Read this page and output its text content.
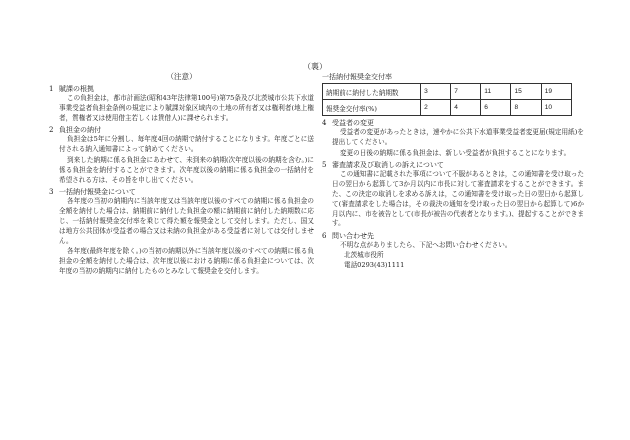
（裏）
（注意）
1 賦課の根拠
この負担金は，都市計画法(昭和43年法律第100号)第75条及び北茨城市公共下水道事業受益者負担金条例の規定により賦課対象区域内の土地の所有者又は権利者(地上権者，質権者又は使用借主若しくは賃借人)に課せられます。
2 負担金の納付
負担金は5年に分割し、毎年度4回の納期で納付することになります。年度ごとに送付される納入通知書によって納めてください。
到来した納期に係る負担金にあわせて、未到来の納期(次年度以後の納期を含む。)に係る負担金を納付することができます。次年度以後の納期に係る負担金の一括納付を希望される方は、その旨を申し出てください。
3 一括納付報奨金について
各年度の当初の納期内に当該年度又は当該年度以後のすべての納期に係る負担金の全額を納付した場合は、納期前に納付した負担金の額に納期前に納付した納期数に応じ、一括納付報奨金交付率を乗じて得た額を報奨金として交付します。ただし、国又は地方公共団体が受益者の場合又は未納の負担金がある受益者に対しては交付しません。
各年度(最終年度を除く。)の当初の納期以外に当該年度以後のすべての納期に係る負担金の全額を納付した場合は、次年度以後における納期に係る負担金については、次年度の当初の納期内に納付したものとみなして報奨金を交付します。
一括納付報奨金交付率
納期前に納付した納期数	3	7	11	15	19
報奨金交付率(%)	2	4	6	8	10
4 受益者の変更
受益者の変更があったときは，速やかに公共下水道事業受益者変更届(規定用紙)を提出してください。
変更の日後の納期に係る負担金は、新しい受益者が負担することになります。
5 審査請求及び取消しの訴えについて
この通知書に記載された事項について不服があるときは，この通知書を受け取った日の翌日から起算して3か月以内に市長に対して審査請求をすることができます。また、この決定の取消しを求める訴えは，この通知書を受け取った日の翌日から起算して(審査請求をした場合は，その裁決の通知を受け取った日の翌日から起算して)6か月以内に、市を被告として(市長が被告の代表者となります。)、提起することができます。
6 問い合わせ先
不明な点がありましたら、下記へお問い合わせください。
北茨城市役所
電話0293(43)1111
